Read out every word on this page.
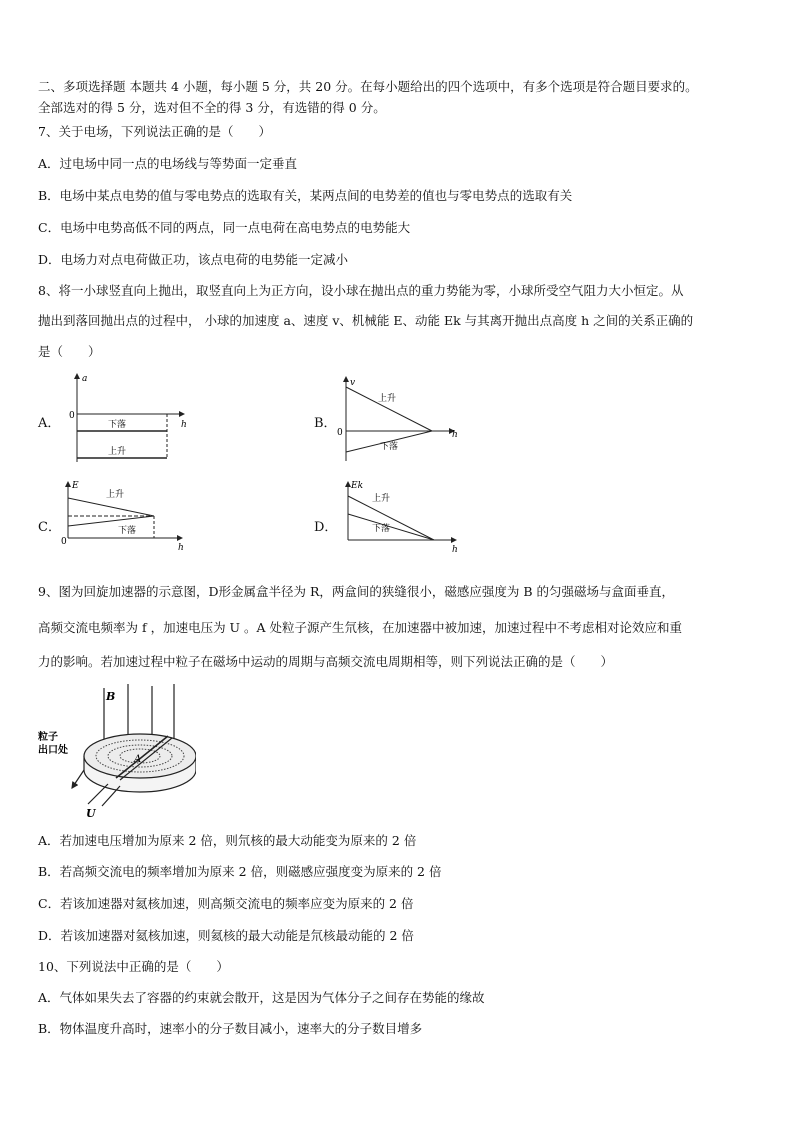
二、多项选择题 本题共 4 小题，每小题 5 分，共 20 分。在每小题给出的四个选项中，有多个选项是符合题目要求的。
全部选对的得 5 分，选对但不全的得 3 分，有选错的得 0 分。
7、关于电场，下列说法正确的是（　　）
A．过电场中同一点的电场线与等势面一定垂直
B．电场中某点电势的值与零电势点的选取有关，某两点间的电势差的值也与零电势点的选取有关
C．电场中电势高低不同的两点，同一点电荷在高电势点的电势能大
D．电场力对点电荷做正功，该点电荷的电势能一定减小
8、将一小球竖直向上抛出，取竖直向上为正方向，设小球在抛出点的重力势能为零，小球所受空气阻力大小恒定。从
抛出到落回抛出点的过程中， 小球的加速度 a、速度 v、机械能 E、动能 Ek 与其离开抛出点高度 h 之间的关系正确的
是（　　）
A．	B．
C．	D．
a
h
0
下落
上升
v
h
0
上升
下落
E
h
0
上升
下落
Ek
h
上升
下落
9、图为回旋加速器的示意图，D形金属盒半径为 R，两盒间的狭缝很小，磁感应强度为 B 的匀强磁场与盒面垂直，
高频交流电频率为 f ，加速电压为 U 。A 处粒子源产生氘核，在加速器中被加速，加速过程中不考虑相对论效应和重
力的影响。若加速过程中粒子在磁场中运动的周期与高频交流电周期相等，则下列说法正确的是（　　）
B
A
粒子
出口处
U
A．若加速电压增加为原来 2 倍，则氘核的最大动能变为原来的 2 倍
B．若高频交流电的频率增加为原来 2 倍，则磁感应强度变为原来的 2 倍
C．若该加速器对氦核加速，则高频交流电的频率应变为原来的 2 倍
D．若该加速器对氦核加速，则氦核的最大动能是氘核最动能的 2 倍
10、下列说法中正确的是（　　）
A．气体如果失去了容器的约束就会散开，这是因为气体分子之间存在势能的缘故
B．物体温度升高时，速率小的分子数目减小，速率大的分子数目增多
